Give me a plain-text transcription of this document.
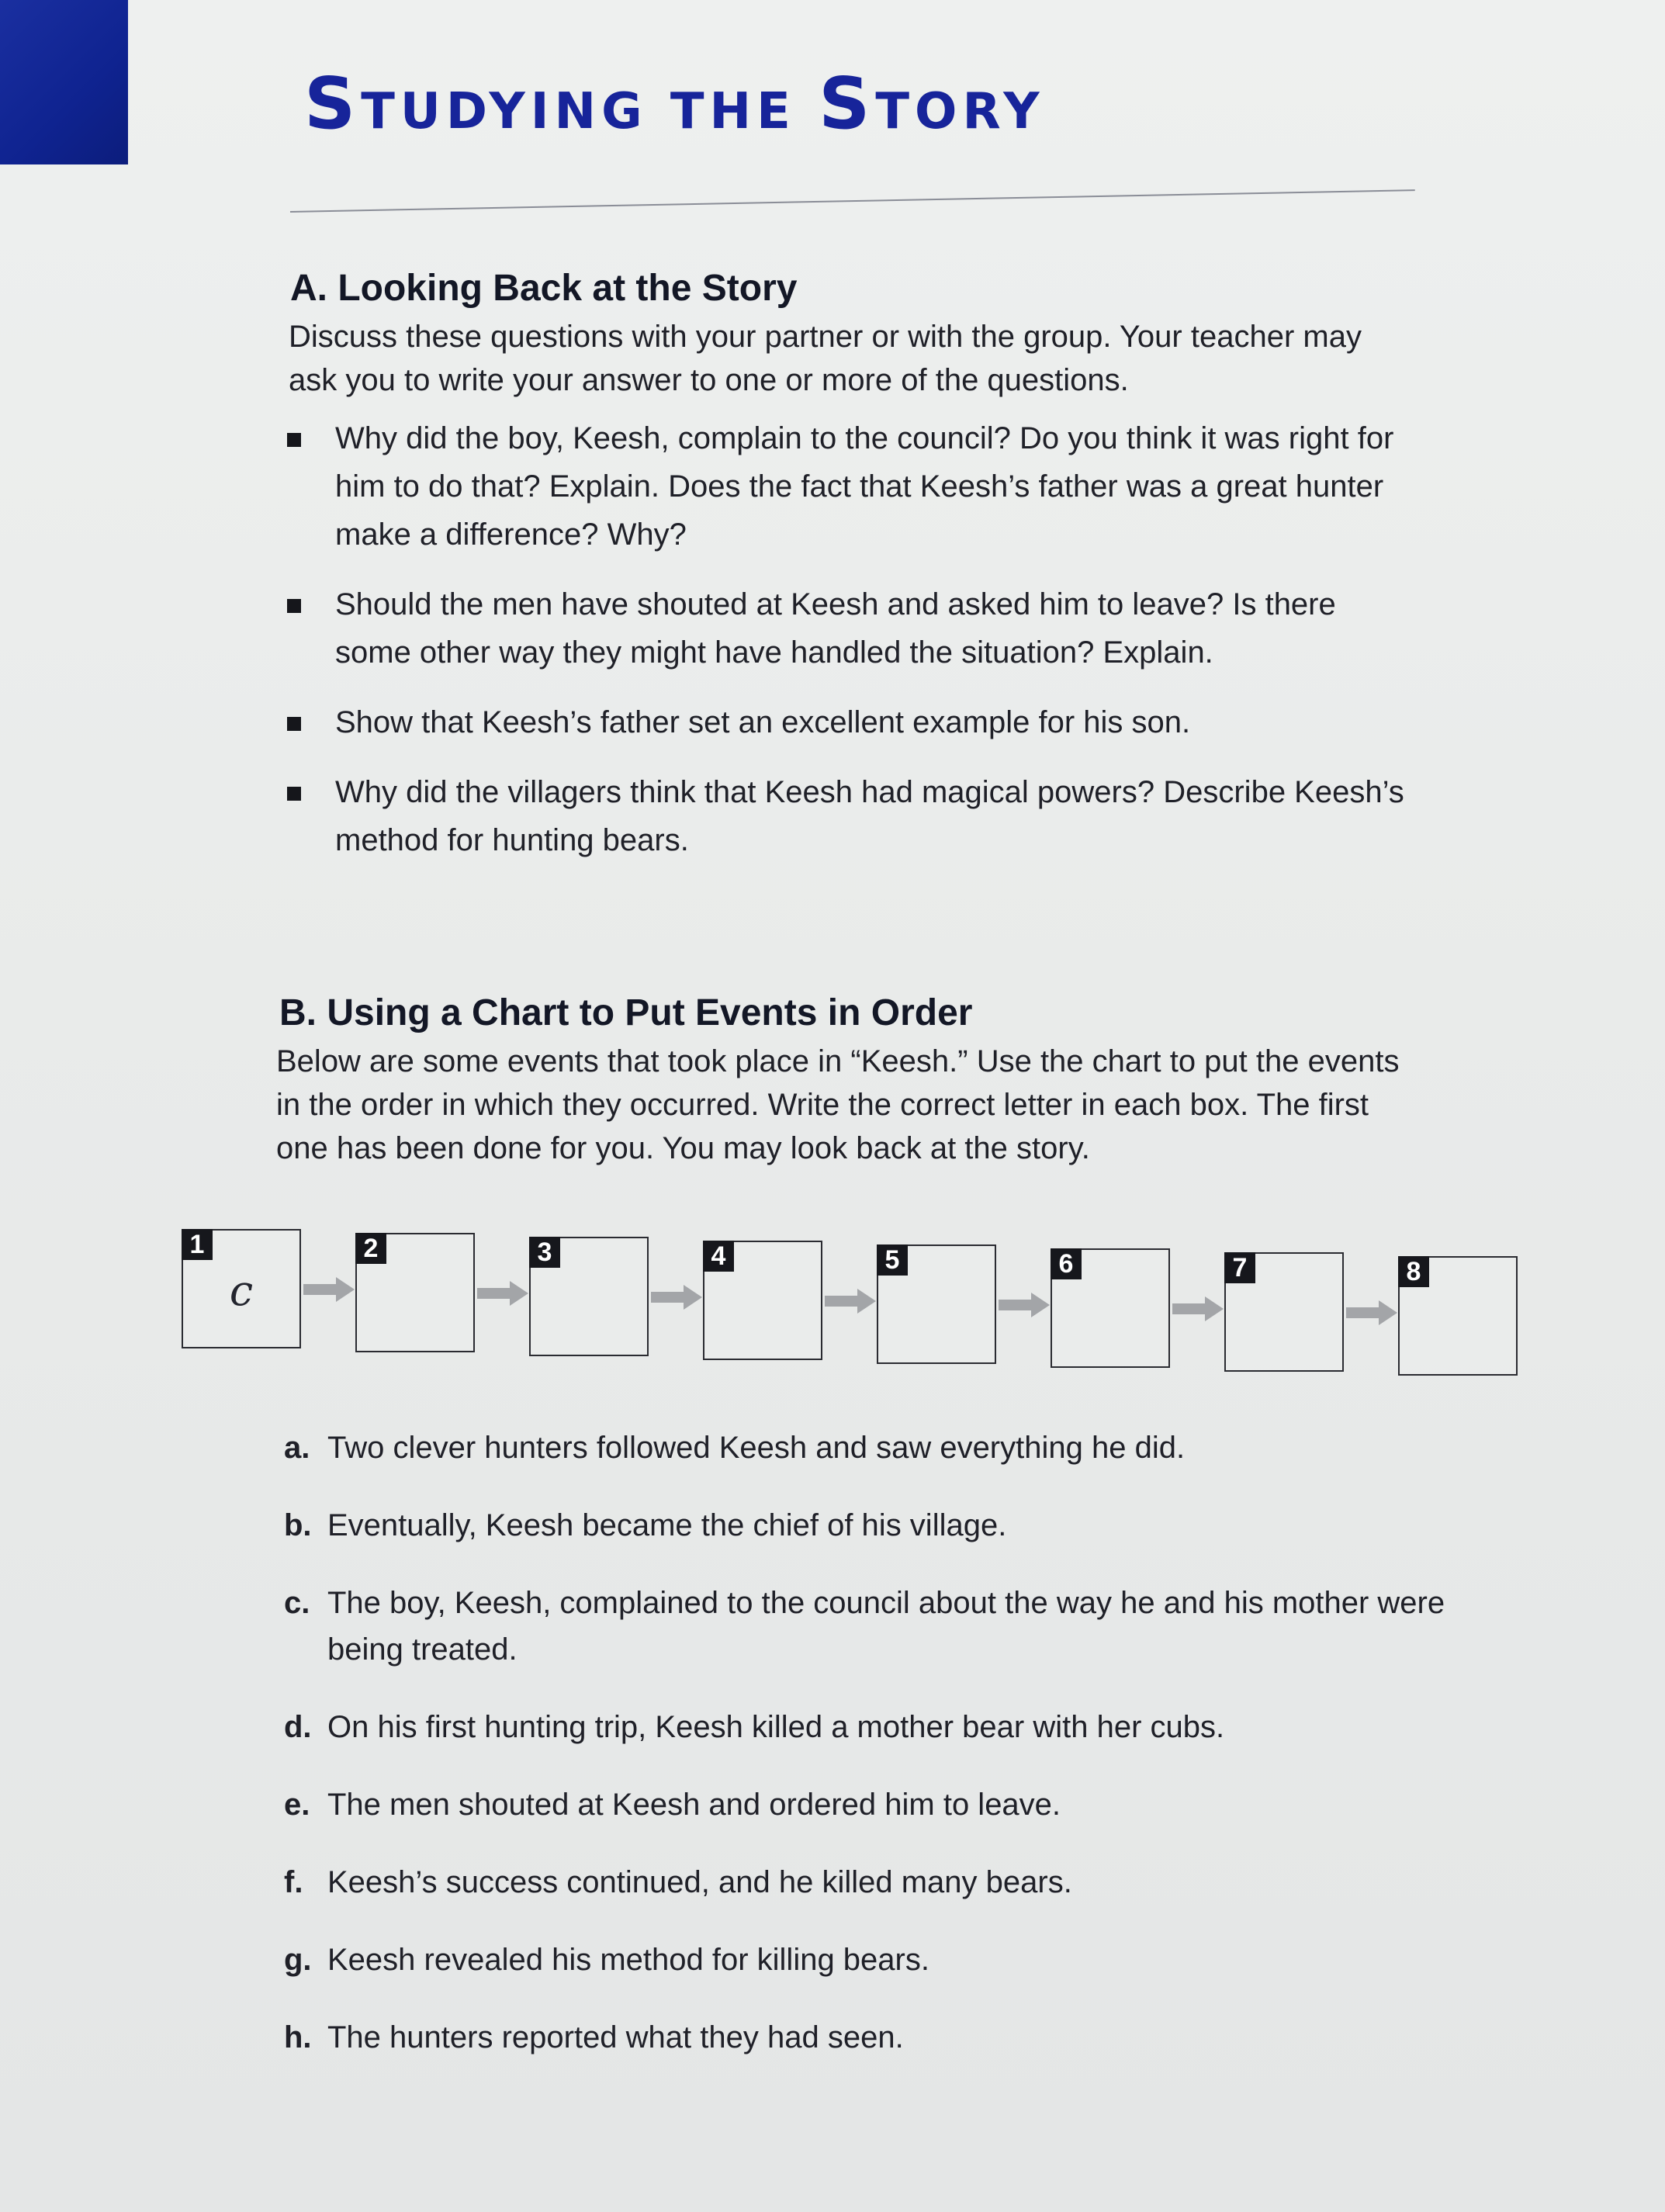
STUDYING THE STORY
A. Looking Back at the Story

Discuss these questions with your partner or with the group. Your teacher may ask you to write your answer to one or more of the questions.

Why did the boy, Keesh, complain to the council? Do you think it was right for him to do that? Explain. Does the fact that Keesh’s father was a great hunter make a difference? Why?
Should the men have shouted at Keesh and asked him to leave? Is there some other way they might have handled the situation? Explain.
Show that Keesh’s father set an excellent example for his son.
Why did the villagers think that Keesh had magical powers? Describe Keesh’s method for hunting bears.
B. Using a Chart to Put Events in Order

Below are some events that took place in “Keesh.” Use the chart to put the events in the order in which they occurred. Write the correct letter in each box. The first one has been done for you. You may look back at the story.

1
c
2	3	4	5	6	7	8
a. Two clever hunters followed Keesh and saw everything he did.
b. Eventually, Keesh became the chief of his village.
c. The boy, Keesh, complained to the council about the way he and his mother were being treated.
d. On his first hunting trip, Keesh killed a mother bear with her cubs.
e. The men shouted at Keesh and ordered him to leave.
f. Keesh’s success continued, and he killed many bears.
g. Keesh revealed his method for killing bears.
h. The hunters reported what they had seen.
